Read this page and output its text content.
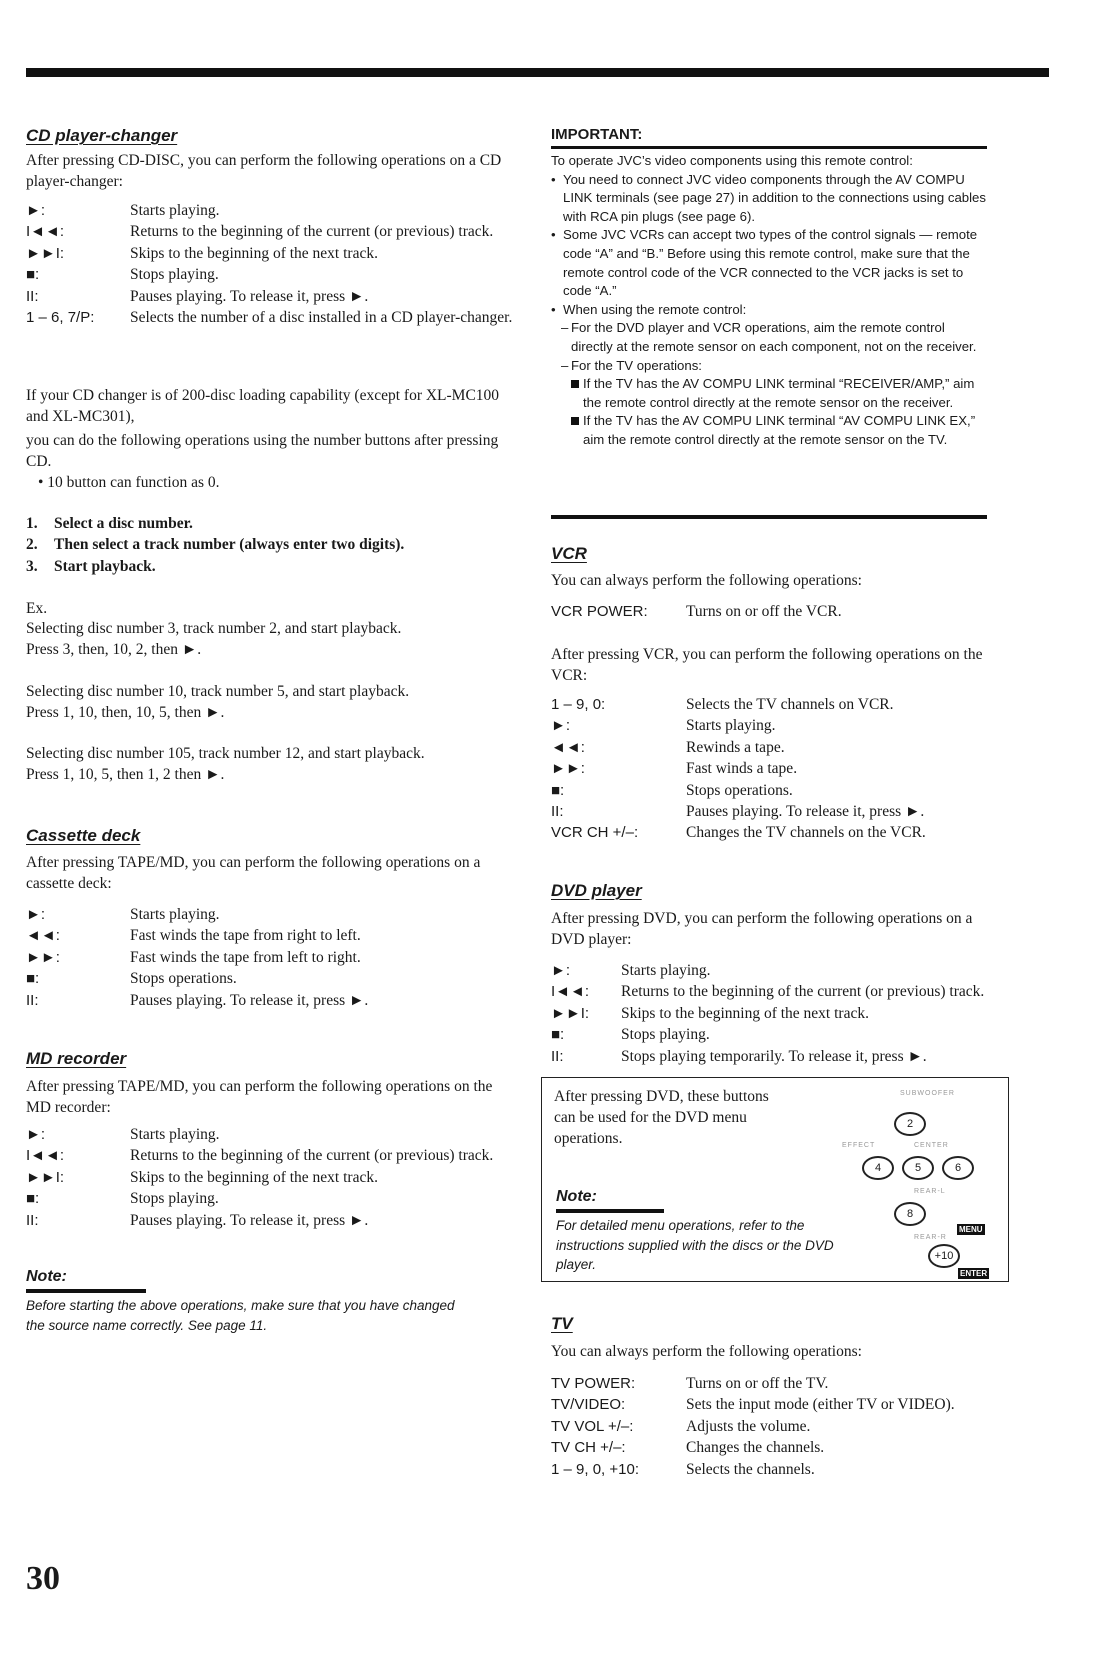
CD player-changer
After pressing CD-DISC, you can perform the following operations on a CD player-changer:
►:	Starts playing.
I◄◄:	Returns to the beginning of the current (or previous) track.
►►I:	Skips to the beginning of the next track.
■:	Stops playing.
II:	Pauses playing. To release it, press ►.
1 – 6, 7/P:	Selects the number of a disc installed in a CD player-changer.
If your CD changer is of 200-disc loading capability (except for XL-MC100 and XL-MC301),
you can do the following operations using the number buttons after pressing CD.
• 10 button can function as 0.
1.	Select a disc number.
2.	Then select a track number (always enter two digits).
3.	Start playback.
Ex.
Selecting disc number 3, track number 2, and start playback.
Press 3, then, 10, 2, then ►.
Selecting disc number 10, track number 5, and start playback.
Press 1, 10, then, 10, 5, then ►.
Selecting disc number 105, track number 12, and start playback.
Press 1, 10, 5, then 1, 2 then ►.
Cassette deck
After pressing TAPE/MD, you can perform the following operations on a cassette deck:
►:	Starts playing.
◄◄:	Fast winds the tape from right to left.
►►:	Fast winds the tape from left to right.
■:	Stops operations.
II:	Pauses playing. To release it, press ►.
MD recorder
After pressing TAPE/MD, you can perform the following operations on the MD recorder:
►:	Starts playing.
I◄◄:	Returns to the beginning of the current (or previous) track.
►►I:	Skips to the beginning of the next track.
■:	Stops playing.
II:	Pauses playing. To release it, press ►.
Note:
Before starting the above operations, make sure that you have changed the source name correctly. See page 11.
IMPORTANT:
To operate JVC’s video components using this remote control:
• You need to connect JVC video components through the AV COMPU LINK terminals (see page 27) in addition to the connections using cables with RCA pin plugs (see page 6).
• Some JVC VCRs can accept two types of the control signals — remote code “A” and “B.” Before using this remote control, make sure that the remote control code of the VCR connected to the VCR jacks is set to code “A.”
• When using the remote control:
– For the DVD player and VCR operations, aim the remote control directly at the remote sensor on each component, not on the receiver.
– For the TV operations:
If the TV has the AV COMPU LINK terminal “RECEIVER/AMP,” aim the remote control directly at the remote sensor on the receiver.
If the TV has the AV COMPU LINK terminal “AV COMPU LINK EX,” aim the remote control directly at the remote sensor on the TV.
VCR
You can always perform the following operations:
VCR POWER:	Turns on or off the VCR.
After pressing VCR, you can perform the following operations on the VCR:
1 – 9, 0:	Selects the TV channels on VCR.
►:	Starts playing.
◄◄:	Rewinds a tape.
►►:	Fast winds a tape.
■:	Stops operations.
II:	Pauses playing. To release it, press ►.
VCR CH +/–:	Changes the TV channels on the VCR.
DVD player
After pressing DVD, you can perform the following operations on a DVD player:
►:	Starts playing.
I◄◄:	Returns to the beginning of the current (or previous) track.
►►I:	Skips to the beginning of the next track.
■:	Stops playing.
II:	Stops playing temporarily. To release it, press ►.
After pressing DVD, these buttons can be used for the DVD menu operations.
Note:
For detailed menu operations, refer to the instructions supplied with the discs or the DVD player.
SUBWOOFER
2
EFFECT	CENTER
4	5	6
REAR-L
8
MENU
REAR-R
+10
ENTER
TV
You can always perform the following operations:
TV POWER:	Turns on or off the TV.
TV/VIDEO:	Sets the input mode (either TV or VIDEO).
TV VOL +/–:	Adjusts the volume.
TV CH +/–:	Changes the channels.
1 – 9, 0, +10:	Selects the channels.
30
